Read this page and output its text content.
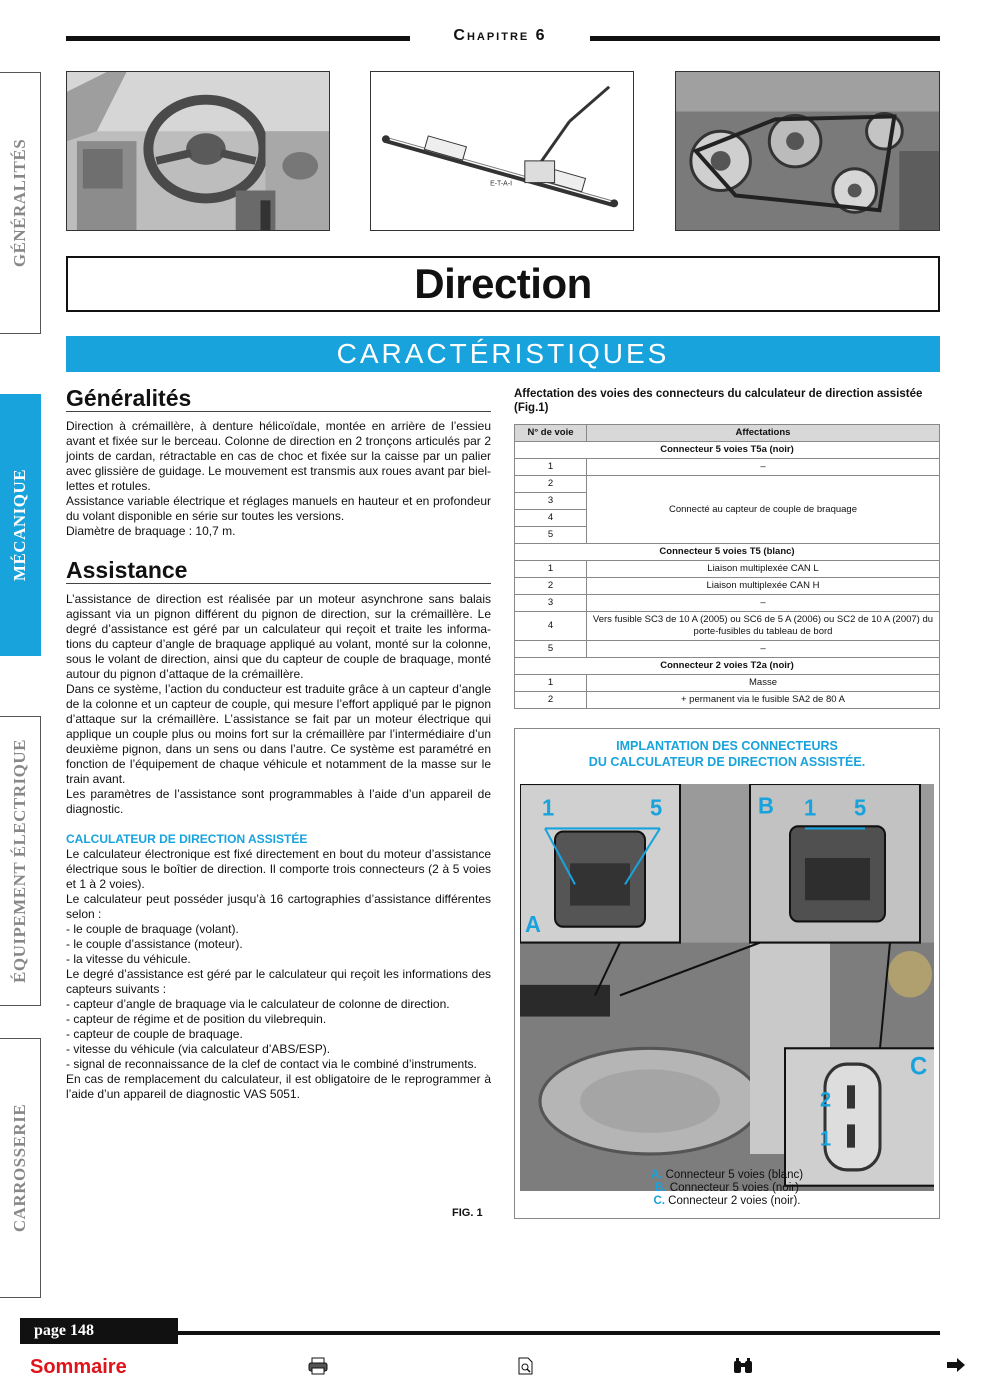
Chapitre 6
GÉNÉRALITÉS
MÉCANIQUE
ÉQUIPEMENT ÉLECTRIQUE
CARROSSERIE
E-T-A-I
Direction
CARACTÉRISTIQUES
Généralités

Direction à crémaillère, à denture hélicoïdale, montée en arrière de l’essieu avant et fixée sur le berceau. Colonne de direction en 2 tronçons articulés par 2 joints de cardan, rétractable en cas de choc et fixée sur la caisse par un palier avec glissière de guidage. Le mouvement est transmis aux roues avant par biellettes et rotules.

Assistance variable électrique et réglages manuels en hauteur et en profondeur du volant disponible en série sur toutes les versions.

Diamètre de braquage : 10,7 m.

Assistance

L’assistance de direction est réalisée par un moteur asynchrone sans balais agissant via un pignon différent du pignon de direction, sur la crémaillère. Le degré d’assistance est géré par un calculateur qui reçoit et traite les informations du capteur d’angle de braquage appliqué au volant, monté sur la colonne, sous le volant de direction, ainsi que du capteur de couple de braquage, monté autour du pignon d’attaque de la crémaillère.

Dans ce système, l’action du conducteur est traduite grâce à un capteur d’angle de la colonne et un capteur de couple, qui mesure l’effort appliqué par le pignon d’attaque sur la crémaillère. L’assistance se fait par un moteur électrique qui applique un couple plus ou moins fort sur la crémaillère par l’intermédiaire d’un deuxième pignon, dans un sens ou dans l’autre. Ce système est paramétré en fonction de l’équipement de chaque véhicule et notamment de la masse sur le train avant.

Les paramètres de l’assistance sont programmables à l’aide d’un appareil de diagnostic.

CALCULATEUR DE DIRECTION ASSISTÉE

Le calculateur électronique est fixé directement en bout du moteur d’assistance électrique sous le boîtier de direction. Il comporte trois connecteurs (2 à 5 voies et 1 à 2 voies).

Le calculateur peut posséder jusqu’à 16 cartographies d’assistance différentes selon :

- le couple de braquage (volant).

- le couple d’assistance (moteur).

- la vitesse du véhicule.

Le degré d’assistance est géré par le calculateur qui reçoit les informations des capteurs suivants :

- capteur d’angle de braquage via le calculateur de colonne de direction.

- capteur de régime et de position du vilebrequin.

- capteur de couple de braquage.

- vitesse du véhicule (via calculateur d’ABS/ESP).

- signal de reconnaissance de la clef de contact via le combiné d’instruments.

En cas de remplacement du calculateur, il est obligatoire de le reprogrammer à l’aide d’un appareil de diagnostic VAS 5051.

Affectation des voies des connecteurs du calculateur de direction assistée (Fig.1)
N° de voie	Affectations
Connecteur 5 voies T5a (noir)	
1	–
2	Connecté au capteur de couple de braquage
3	
4	
5	
Connecteur 5 voies T5 (blanc)	
1	Liaison multiplexée CAN L
2	Liaison multiplexée CAN H
3	–
4	Vers fusible SC3 de 10 A (2005) ou SC6 de 5 A (2006) ou SC2 de 10 A (2007) du porte-fusibles du tableau de bord
5	–
Connecteur 2 voies T2a (noir)	
1	Masse
2	+ permanent via le fusible SA2 de 80 A
IMPLANTATION DES CONNECTEURS
DU CALCULATEUR DE DIRECTION ASSISTÉE.
1	5
A
B 1 5
2
1
C
A. Connecteur 5 voies (blanc)
B. Connecteur 5 voies (noir)
C. Connecteur 2 voies (noir).
FIG. 1
page 148
Sommaire
